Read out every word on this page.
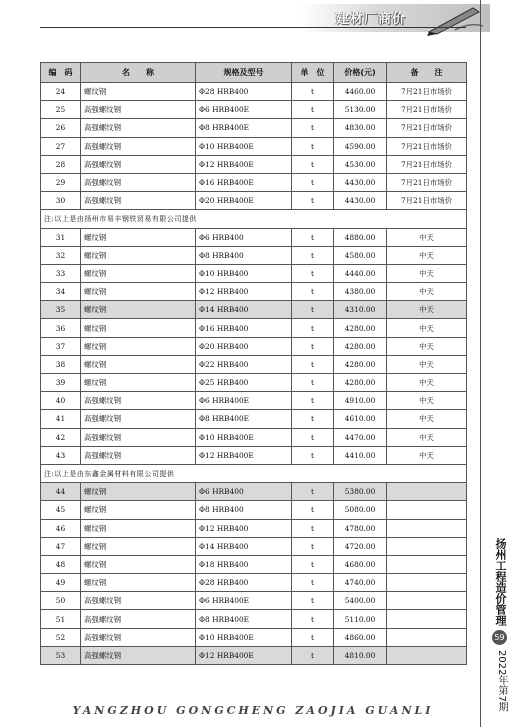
建材厂商价
编　码	名　　称	规格及型号	单　位	价格(元)	备　　注
24	螺纹钢	Φ28 HRB400	t	4460.00	7月21日市场价
25	高强螺纹钢	Φ6 HRB400E	t	5130.00	7月21日市场价
26	高强螺纹钢	Φ8 HRB400E	t	4830.00	7月21日市场价
27	高强螺纹钢	Φ10 HRB400E	t	4590.00	7月21日市场价
28	高强螺纹钢	Φ12 HRB400E	t	4530.00	7月21日市场价
29	高强螺纹钢	Φ16 HRB400E	t	4430.00	7月21日市场价
30	高强螺纹钢	Φ20 HRB400E	t	4430.00	7月21日市场价
注:以上是由扬州市易丰钢铁贸易有限公司提供					
31	螺纹钢	Φ6 HRB400	t	4880.00	中天
32	螺纹钢	Φ8 HRB400	t	4580.00	中天
33	螺纹钢	Φ10 HRB400	t	4440.00	中天
34	螺纹钢	Φ12 HRB400	t	4380.00	中天
35	螺纹钢	Φ14 HRB400	t	4310.00	中天
36	螺纹钢	Φ16 HRB400	t	4280.00	中天
37	螺纹钢	Φ20 HRB400	t	4280.00	中天
38	螺纹钢	Φ22 HRB400	t	4280.00	中天
39	螺纹钢	Φ25 HRB400	t	4280.00	中天
40	高强螺纹钢	Φ6 HRB400E	t	4910.00	中天
41	高强螺纹钢	Φ8 HRB400E	t	4610.00	中天
42	高强螺纹钢	Φ10 HRB400E	t	4470.00	中天
43	高强螺纹钢	Φ12 HRB400E	t	4410.00	中天
注:以上是由东鑫金属材料有限公司提供					
44	螺纹钢	Φ6 HRB400	t	5380.00	
45	螺纹钢	Φ8 HRB400	t	5080.00	
46	螺纹钢	Φ12 HRB400	t	4780.00	
47	螺纹钢	Φ14 HRB400	t	4720.00	
48	螺纹钢	Φ18 HRB400	t	4680.00	
49	螺纹钢	Φ28 HRB400	t	4740.00	
50	高强螺纹钢	Φ6 HRB400E	t	5400.00	
51	高强螺纹钢	Φ8 HRB400E	t	5110.00	
52	高强螺纹钢	Φ10 HRB400E	t	4860.00	
53	高强螺纹钢	Φ12 HRB400E	t	4810.00	
YANGZHOU GONGCHENG ZAOJIA GUANLI
扬州工程造价管理
59
2022年第7期
